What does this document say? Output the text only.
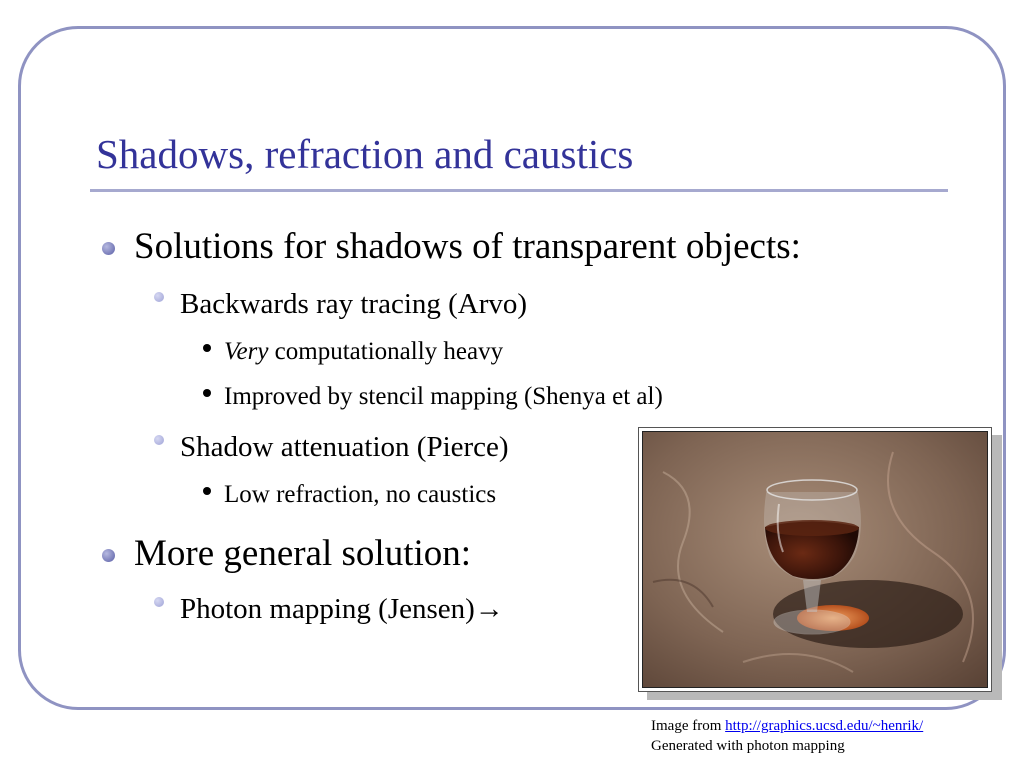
Shadows, refraction and caustics
Solutions for shadows of transparent objects:
Backwards ray tracing (Arvo)
Very computationally heavy
Improved by stencil mapping (Shenya et al)
Shadow attenuation (Pierce)
Low refraction, no caustics
More general solution:
Photon mapping (Jensen)→
Image from http://graphics.ucsd.edu/~henrik/
Generated with photon mapping
